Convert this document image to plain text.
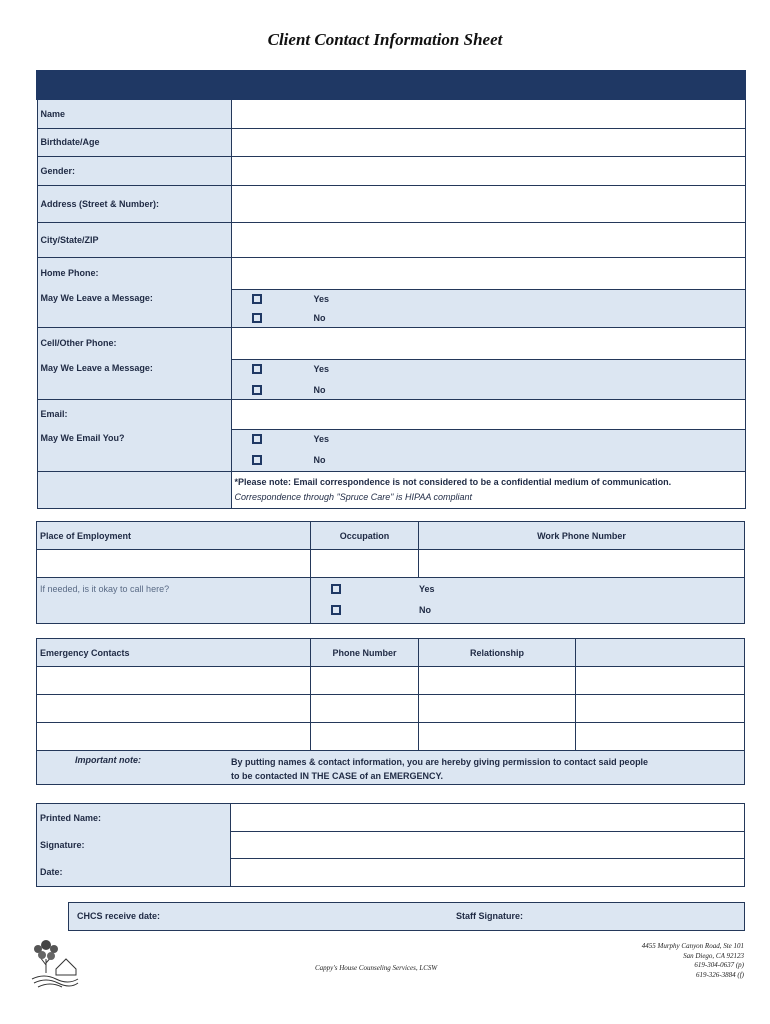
Client Contact Information Sheet

Name	
Birthdate/Age	
Gender:	
Address (Street & Number):	
City/State/ZIP	
Home Phone:	
May We Leave a Message:	Yes
No

Cell/Other Phone:	
May We Leave a Message:	Yes
No

Email:	
May We Email You?	Yes
No

	*Please note: Email correspondence is not considered to be a confidential medium of communication.
Correspondence through "Spruce Care" is HIPAA compliant
Place of Employment	Occupation	Work Phone Number

If needed, is it okay to call here?	Yes
No	
Emergency Contacts	Phone Number	Relationship	

Important note: By putting names & contact information, you are hereby giving permission to contact said people
to be contacted IN THE CASE of an EMERGENCY.			
Printed Name:	
Signature:	
Date:	
CHCS receive date:	Staff Signature:
Cappy's House Counseling Services, LCSW
4455 Murphy Canyon Road, Ste 101
San Diego, CA 92123
619-304-0637 (p)
619-326-3884 (f)
